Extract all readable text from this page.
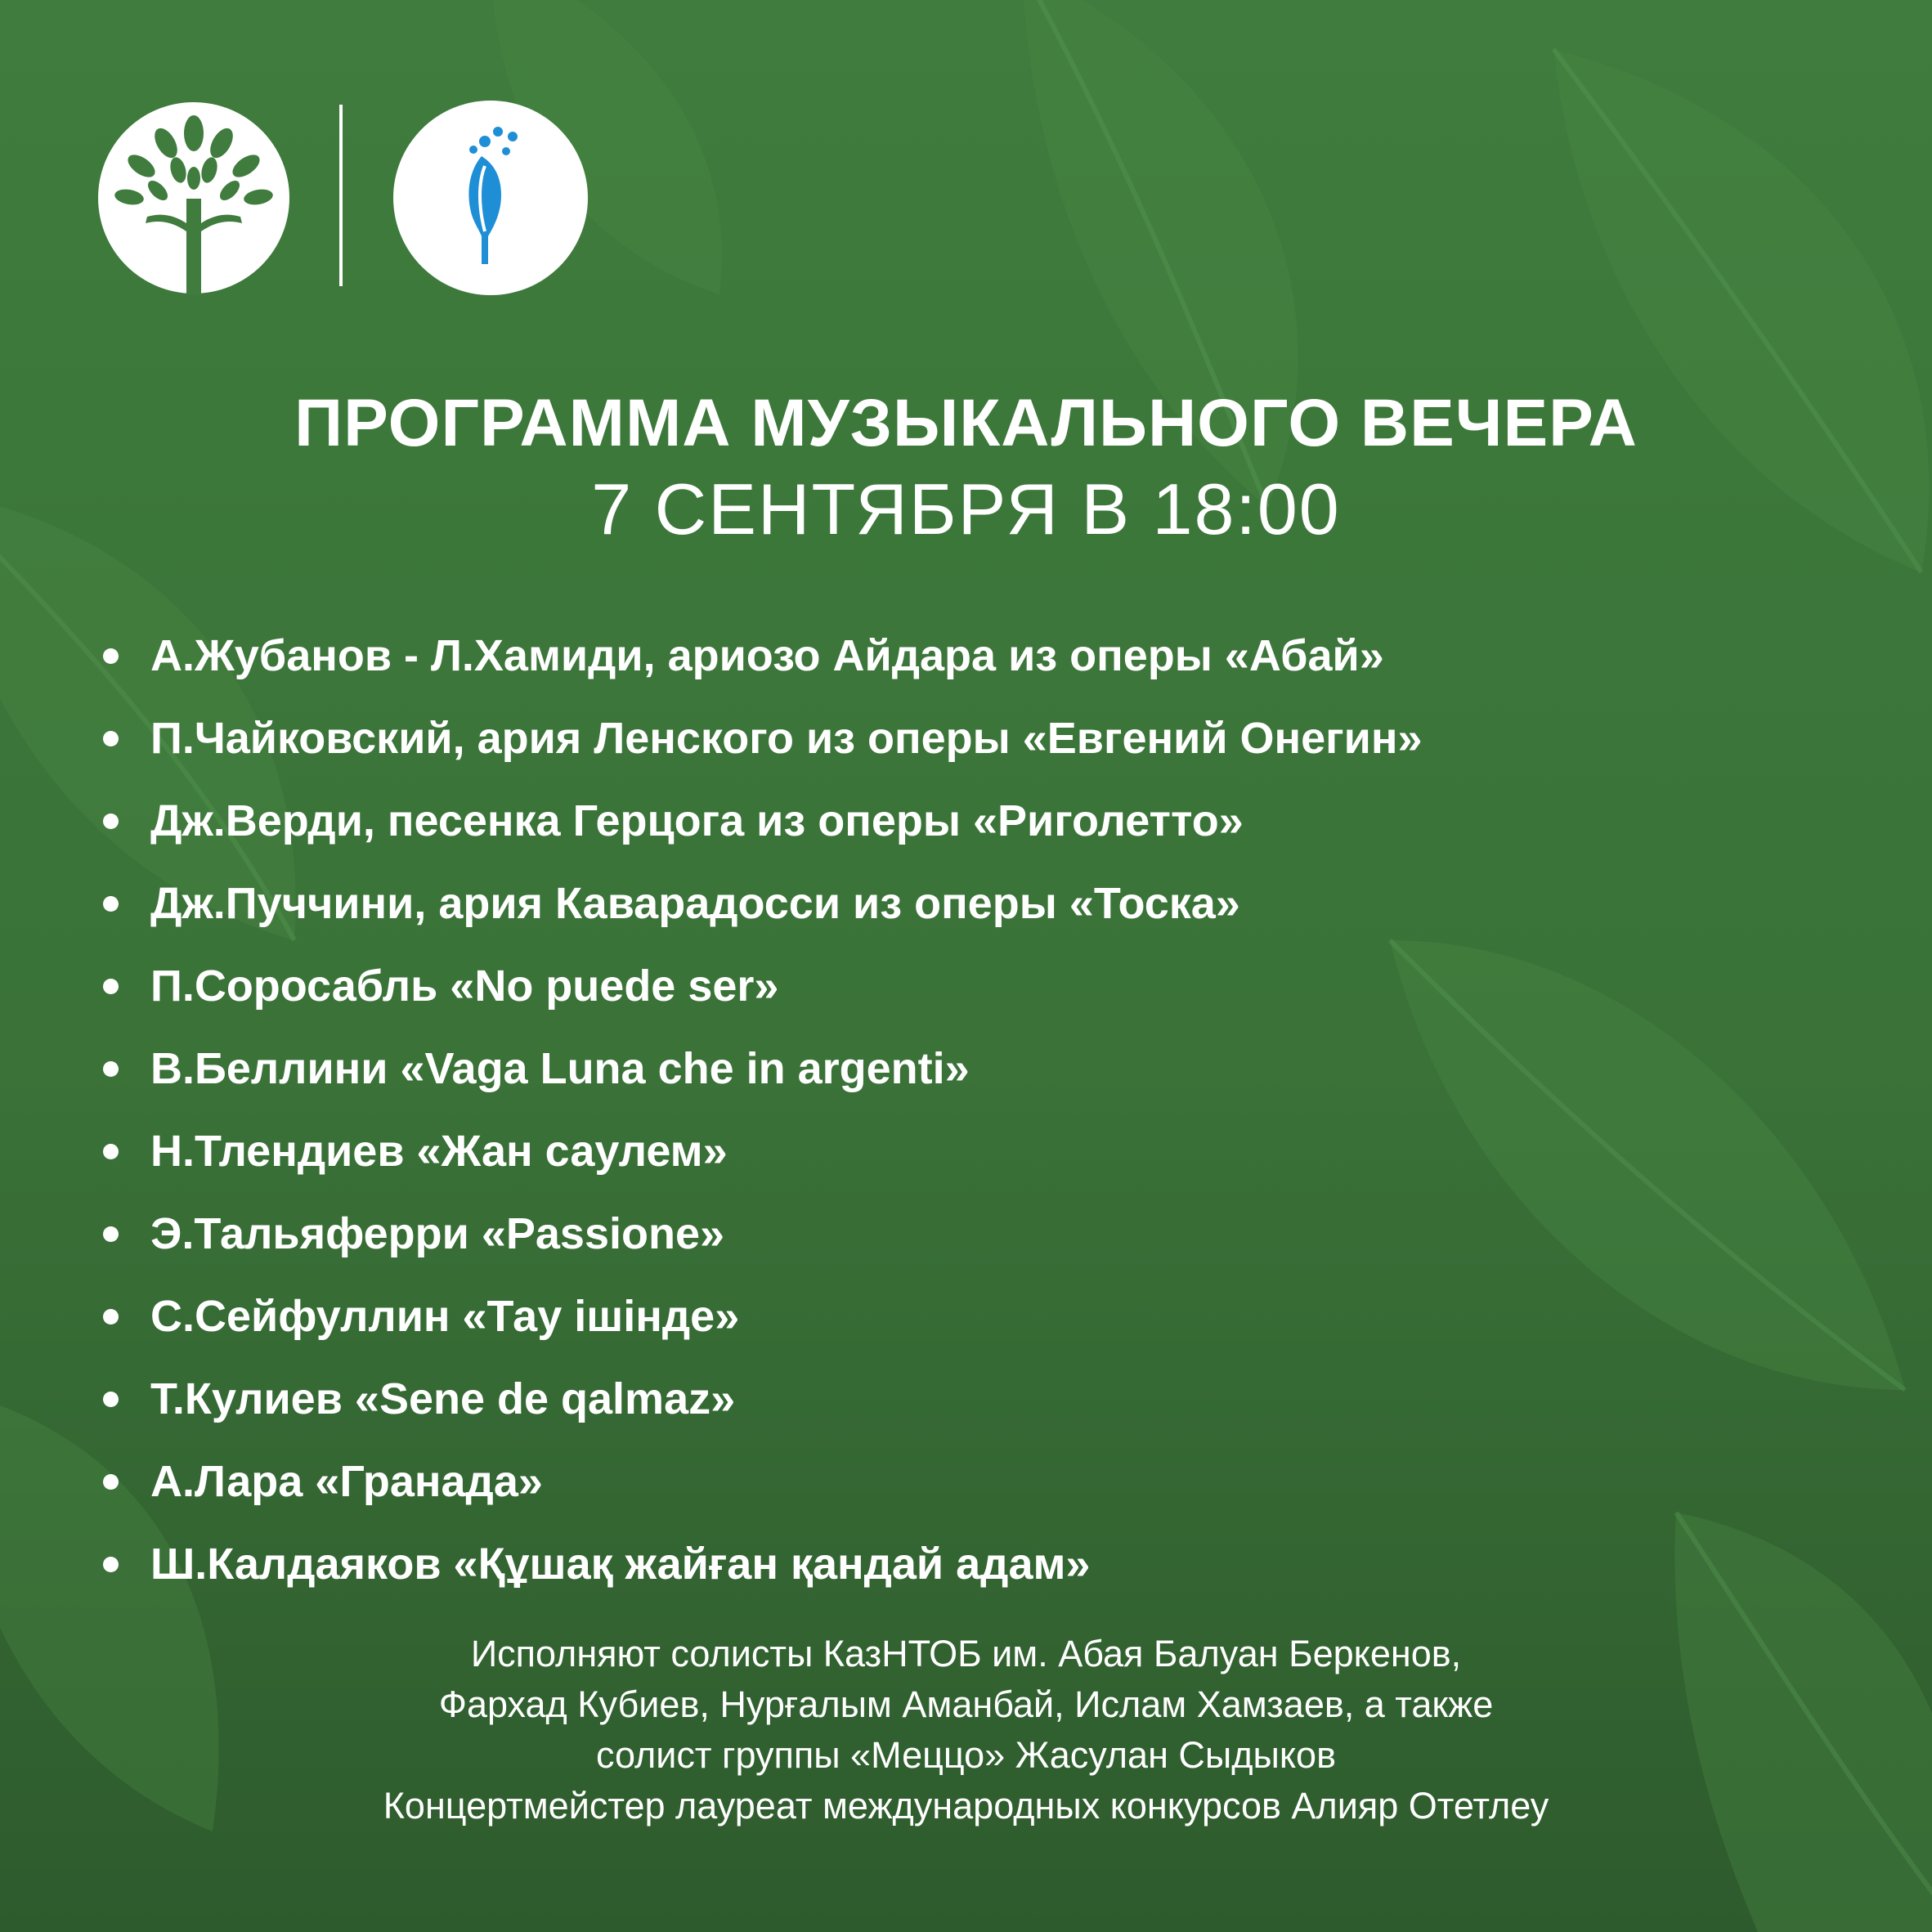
ПРОГРАММА МУЗЫКАЛЬНОГО ВЕЧЕРА

7 СЕНТЯБРЯ В 18:00

А.Жубанов - Л.Хамиди, ариозо Айдара из оперы «Абай»
П.Чайковский, ария Ленского из оперы «Евгений Онегин»
Дж.Верди, песенка Герцога из оперы «Риголетто»
Дж.Пуччини, ария Каварадосси из оперы «Тоска»
П.Соросабль «No puede ser»
В.Беллини «Vaga Luna che in argenti»
Н.Тлендиев «Жан саулем»
Э.Тальяферри «Passione»
С.Сейфуллин «Тау ішінде»
Т.Кулиев «Sene de qalmaz»
А.Лара «Гранада»
Ш.Калдаяков «Құшақ жайған қандай адам»

Исполняют солисты КазНТОБ им. Абая Балуан Беркенов,

Фархад Кубиев, Нурғалым Аманбай, Ислам Хамзаев, а также

солист группы «Меццо» Жасулан Сыдыков

Концертмейстер лауреат международных конкурсов Алияр Отетлеу
